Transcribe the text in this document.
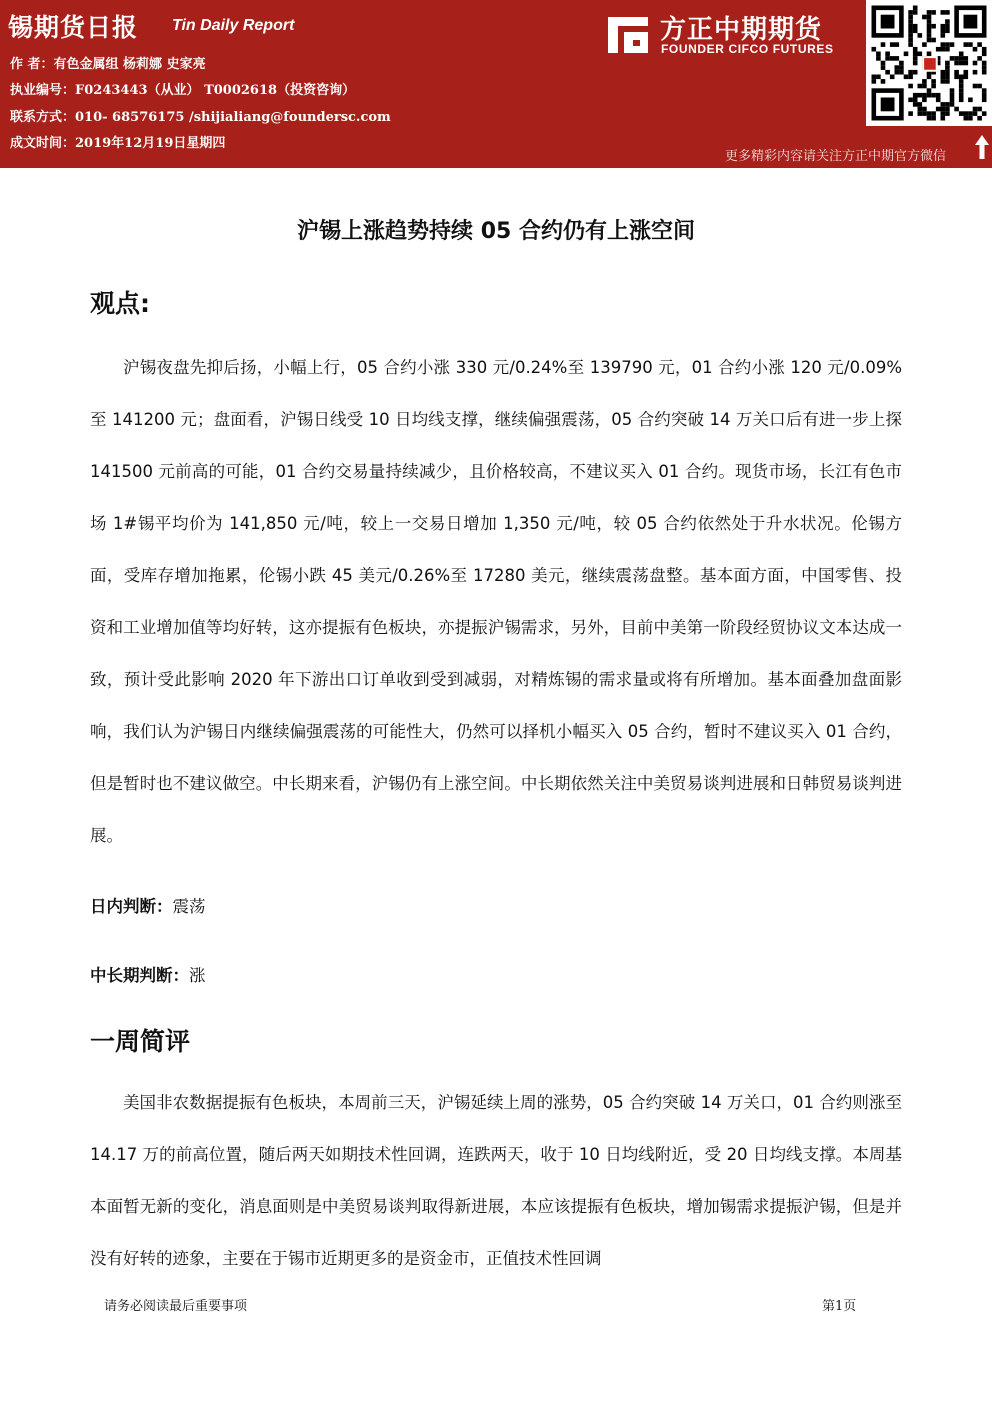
锡期货日报 Tin Daily Report
作 者：有色金属组 杨莉娜 史家亮
执业编号：F0243443（从业） T0002618（投资咨询）
联系方式：010- 68576175 /shijialiang@foundersc.com
成文时间：2019年12月19日星期四
方正中期期货
FOUNDER CIFCO FUTURES
更多精彩内容请关注方正中期官方微信
沪锡上涨趋势持续 05 合约仍有上涨空间
观点:

沪锡夜盘先抑后扬，小幅上行，05 合约小涨 330 元/0.24%至 139790 元，01 合约小涨 120 元/0.09%至 141200 元；盘面看，沪锡日线受 10 日均线支撑，继续偏强震荡，05 合约突破 14 万关口后有进一步上探 141500 元前高的可能，01 合约交易量持续减少，且价格较高，不建议买入 01 合约。现货市场，长江有色市场 1#锡平均价为 141,850 元/吨，较上一交易日增加 1,350 元/吨，较 05 合约依然处于升水状况。伦锡方面，受库存增加拖累，伦锡小跌 45 美元/0.26%至 17280 美元，继续震荡盘整。基本面方面，中国零售、投资和工业增加值等均好转，这亦提振有色板块，亦提振沪锡需求，另外，目前中美第一阶段经贸协议文本达成一致，预计受此影响 2020 年下游出口订单收到受到减弱，对精炼锡的需求量或将有所增加。基本面叠加盘面影响，我们认为沪锡日内继续偏强震荡的可能性大，仍然可以择机小幅买入 05 合约，暂时不建议买入 01 合约，但是暂时也不建议做空。中长期来看，沪锡仍有上涨空间。中长期依然关注中美贸易谈判进展和日韩贸易谈判进展。

日内判断：震荡
中长期判断：涨
一周简评

美国非农数据提振有色板块，本周前三天，沪锡延续上周的涨势，05 合约突破 14 万关口，01 合约则涨至 14.17 万的前高位置，随后两天如期技术性回调，连跌两天，收于 10 日均线附近，受 20 日均线支撑。本周基本面暂无新的变化，消息面则是中美贸易谈判取得新进展，本应该提振有色板块，增加锡需求提振沪锡，但是并没有好转的迹象，主要在于锡市近期更多的是资金市，正值技术性回调

请务必阅读最后重要事项	第1页
